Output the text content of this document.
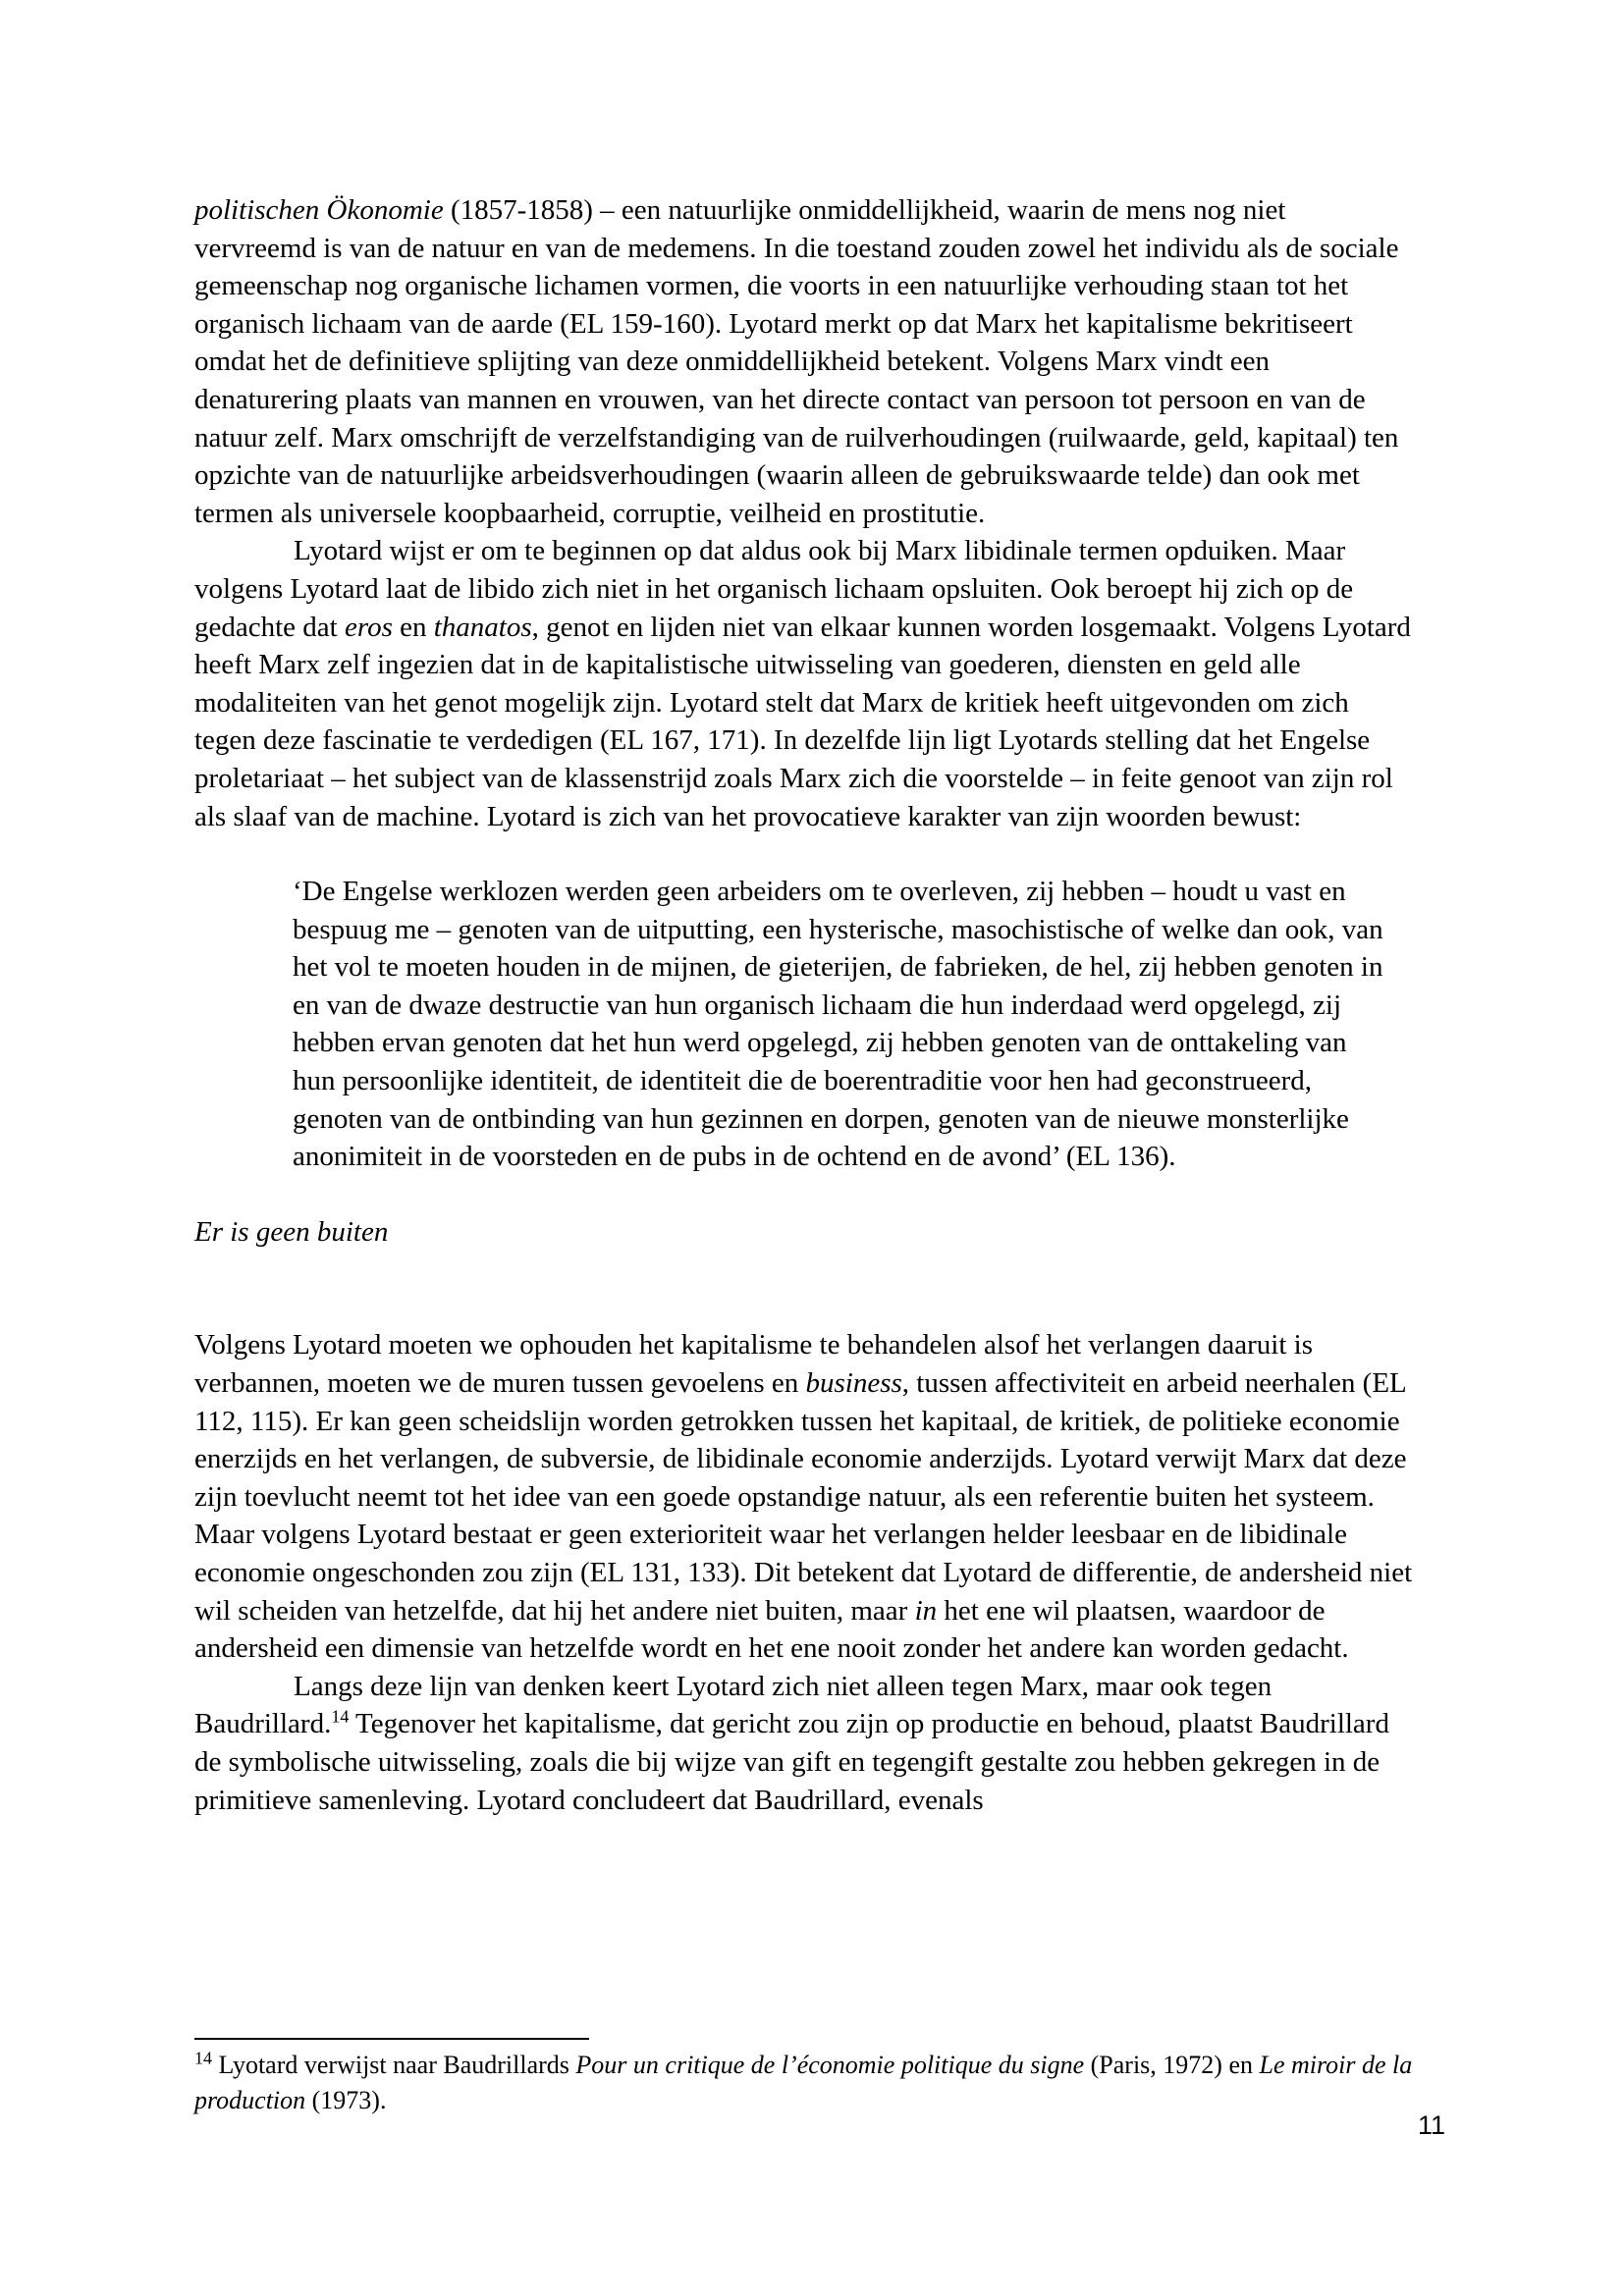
politischen Ökonomie (1857-1858) – een natuurlijke onmiddellijkheid, waarin de mens nog niet vervreemd is van de natuur en van de medemens. In die toestand zouden zowel het individu als de sociale gemeenschap nog organische lichamen vormen, die voorts in een natuurlijke verhouding staan tot het organisch lichaam van de aarde (EL 159-160). Lyotard merkt op dat Marx het kapitalisme bekritiseert omdat het de definitieve splijting van deze onmiddellijkheid betekent. Volgens Marx vindt een denaturering plaats van mannen en vrouwen, van het directe contact van persoon tot persoon en van de natuur zelf. Marx omschrijft de verzelfstandiging van de ruilverhoudingen (ruilwaarde, geld, kapitaal) ten opzichte van de natuurlijke arbeidsverhoudingen (waarin alleen de gebruikswaarde telde) dan ook met termen als universele koopbaarheid, corruptie, veilheid en prostitutie.

Lyotard wijst er om te beginnen op dat aldus ook bij Marx libidinale termen opduiken. Maar volgens Lyotard laat de libido zich niet in het organisch lichaam opsluiten. Ook beroept hij zich op de gedachte dat eros en thanatos, genot en lijden niet van elkaar kunnen worden losgemaakt. Volgens Lyotard heeft Marx zelf ingezien dat in de kapitalistische uitwisseling van goederen, diensten en geld alle modaliteiten van het genot mogelijk zijn. Lyotard stelt dat Marx de kritiek heeft uitgevonden om zich tegen deze fascinatie te verdedigen (EL 167, 171). In dezelfde lijn ligt Lyotards stelling dat het Engelse proletariaat – het subject van de klassenstrijd zoals Marx zich die voorstelde – in feite genoot van zijn rol als slaaf van de machine. Lyotard is zich van het provocatieve karakter van zijn woorden bewust:

‘De Engelse werklozen werden geen arbeiders om te overleven, zij hebben – houdt u vast en bespuug me – genoten van de uitputting, een hysterische, masochistische of welke dan ook, van het vol te moeten houden in de mijnen, de gieterijen, de fabrieken, de hel, zij hebben genoten in en van de dwaze destructie van hun organisch lichaam die hun inderdaad werd opgelegd, zij hebben ervan genoten dat het hun werd opgelegd, zij hebben genoten van de onttakeling van hun persoonlijke identiteit, de identiteit die de boerentraditie voor hen had geconstrueerd, genoten van de ontbinding van hun gezinnen en dorpen, genoten van de nieuwe monsterlijke anonimiteit in de voorsteden en de pubs in de ochtend en de avond’ (EL 136).

Er is geen buiten

Volgens Lyotard moeten we ophouden het kapitalisme te behandelen alsof het verlangen daaruit is verbannen, moeten we de muren tussen gevoelens en business, tussen affectiviteit en arbeid neerhalen (EL 112, 115). Er kan geen scheidslijn worden getrokken tussen het kapitaal, de kritiek, de politieke economie enerzijds en het verlangen, de subversie, de libidinale economie anderzijds. Lyotard verwijt Marx dat deze zijn toevlucht neemt tot het idee van een goede opstandige natuur, als een referentie buiten het systeem. Maar volgens Lyotard bestaat er geen exterioriteit waar het verlangen helder leesbaar en de libidinale economie ongeschonden zou zijn (EL 131, 133). Dit betekent dat Lyotard de differentie, de andersheid niet wil scheiden van hetzelfde, dat hij het andere niet buiten, maar in het ene wil plaatsen, waardoor de andersheid een dimensie van hetzelfde wordt en het ene nooit zonder het andere kan worden gedacht.

Langs deze lijn van denken keert Lyotard zich niet alleen tegen Marx, maar ook tegen Baudrillard.$^{14}$ Tegenover het kapitalisme, dat gericht zou zijn op productie en behoud, plaatst Baudrillard de symbolische uitwisseling, zoals die bij wijze van gift en tegengift gestalte zou hebben gekregen in de primitieve samenleving. Lyotard concludeert dat Baudrillard, evenals

$^{14}$ Lyotard verwijst naar Baudrillards Pour un critique de l’économie politique du signe (Paris, 1972) en Le miroir de la production (1973).

11
